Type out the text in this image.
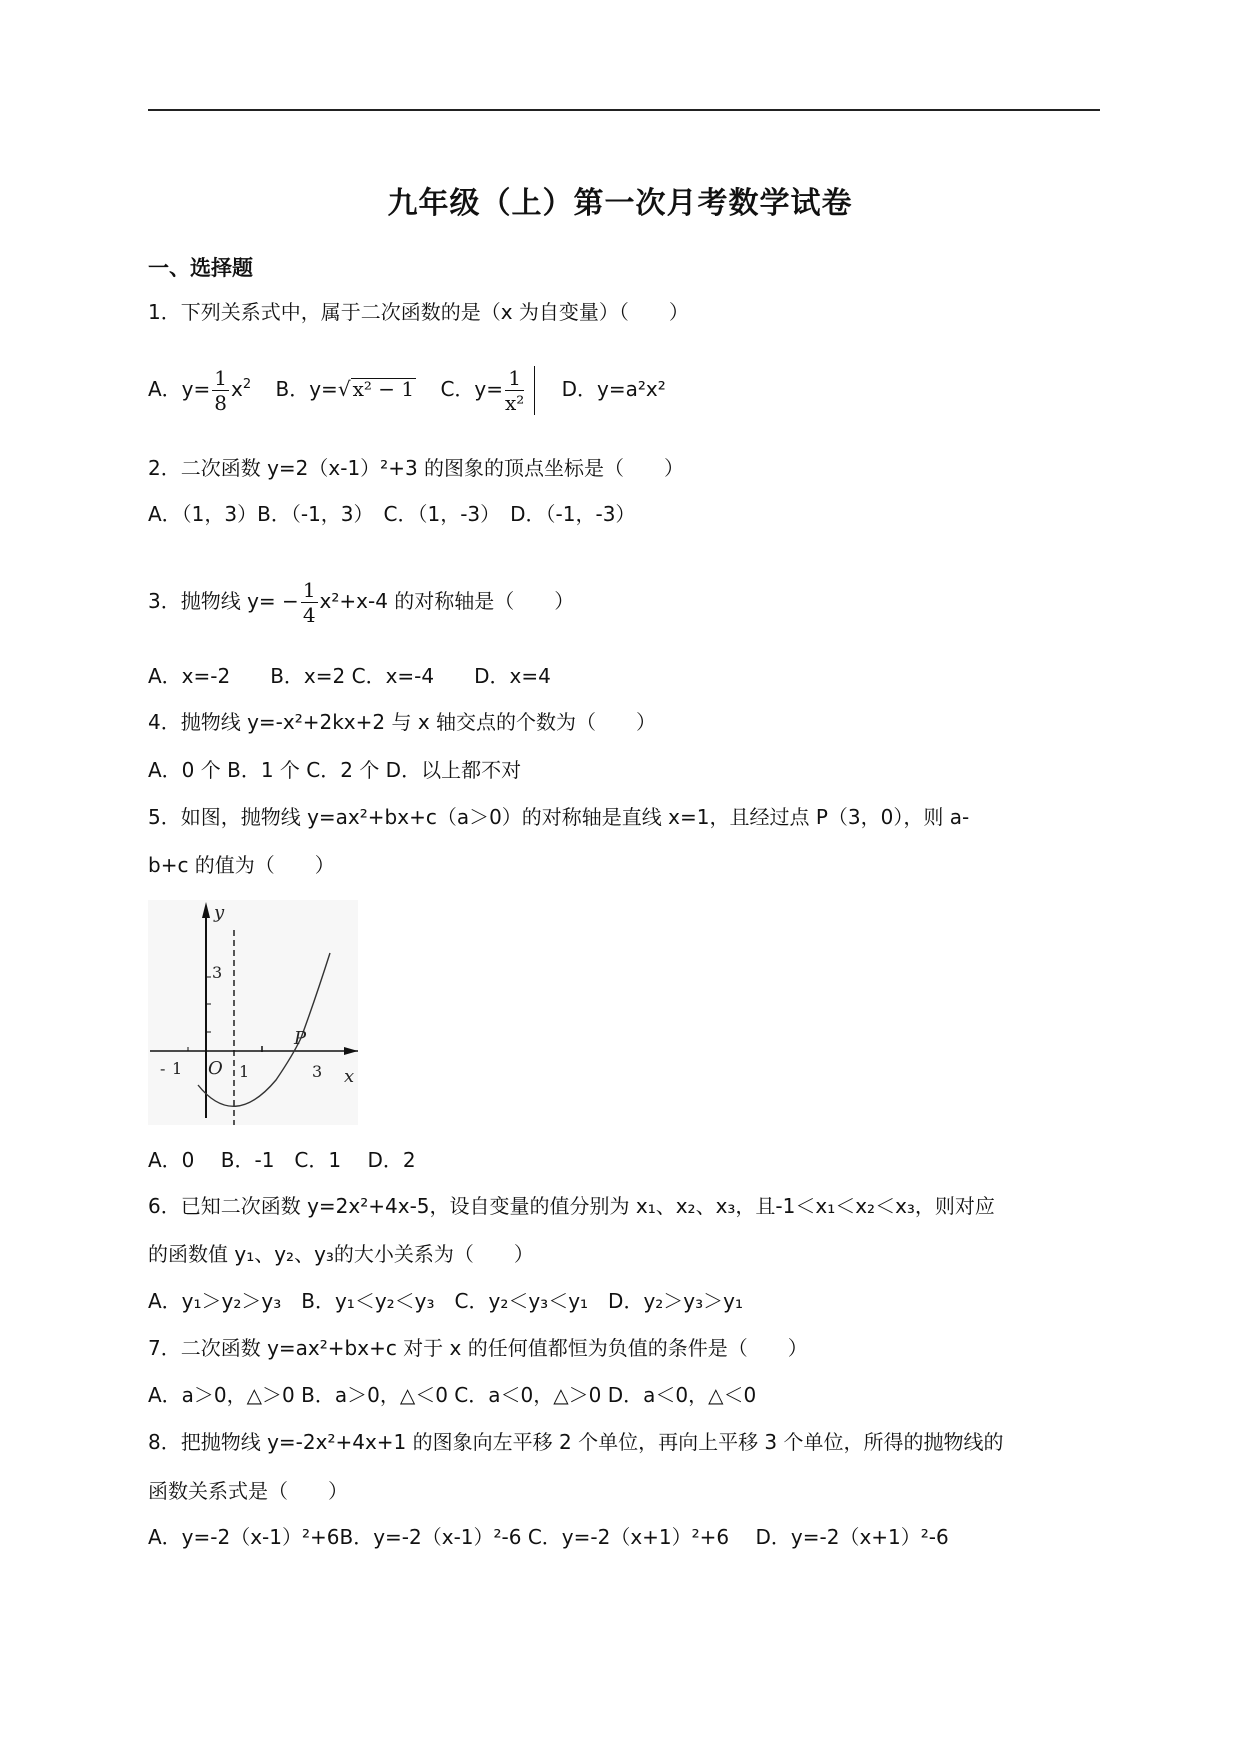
九年级（上）第一次月考数学试卷
一、选择题
1．下列关系式中，属于二次函数的是（x 为自变量）（　　）
A．$y= \frac{1}{8} x^2$ B．y=√ x² − 1 C．$y= \frac{1}{\text{x²}}$ D．y=a²x²
2．二次函数 y=2（x-1）²+3 的图象的顶点坐标是（　　）
A．（1，3）B．（-1，3）　C．（1，-3）　D．（-1，-3）
3．抛物线 $y= - \frac{1}{4} x^2+x-4$ 的对称轴是（　　）
A．x=-2　　B．x=2 C．x=-4　　D．x=4
4．抛物线 y=-x²+2kx+2 与 x 轴交点的个数为（　　）
A．0 个 B．1 个 C．2 个 D．以上都不对
5．如图，抛物线 y=ax²+bx+c（a＞0）的对称轴是直线 x=1，且经过点 P（3，0），则 a-
b+c 的值为（　　）
y
3
- 1 O 1
P
3 x
A．0　 B．-1　C．1　 D．2
6．已知二次函数 y=2x²+4x-5，设自变量的值分别为 x₁、x₂、x₃，且-1＜x₁＜x₂＜x₃，则对应
的函数值 y₁、y₂、y₃的大小关系为（　　）
A．y₁＞y₂＞y₃　B．y₁＜y₂＜y₃　C．y₂＜y₃＜y₁　D．y₂＞y₃＞y₁
7．二次函数 y=ax²+bx+c 对于 x 的任何值都恒为负值的条件是（　　）
A．a＞0，△＞0 B．a＞0，△＜0 C．a＜0，△＞0 D．a＜0，△＜0
8．把抛物线 y=-2x²+4x+1 的图象向左平移 2 个单位，再向上平移 3 个单位，所得的抛物线的
函数关系式是（　　）
A．y=-2（x-1）²+6B．y=-2（x-1）²-6 C．y=-2（x+1）²+6　 D．y=-2（x+1）²-6
